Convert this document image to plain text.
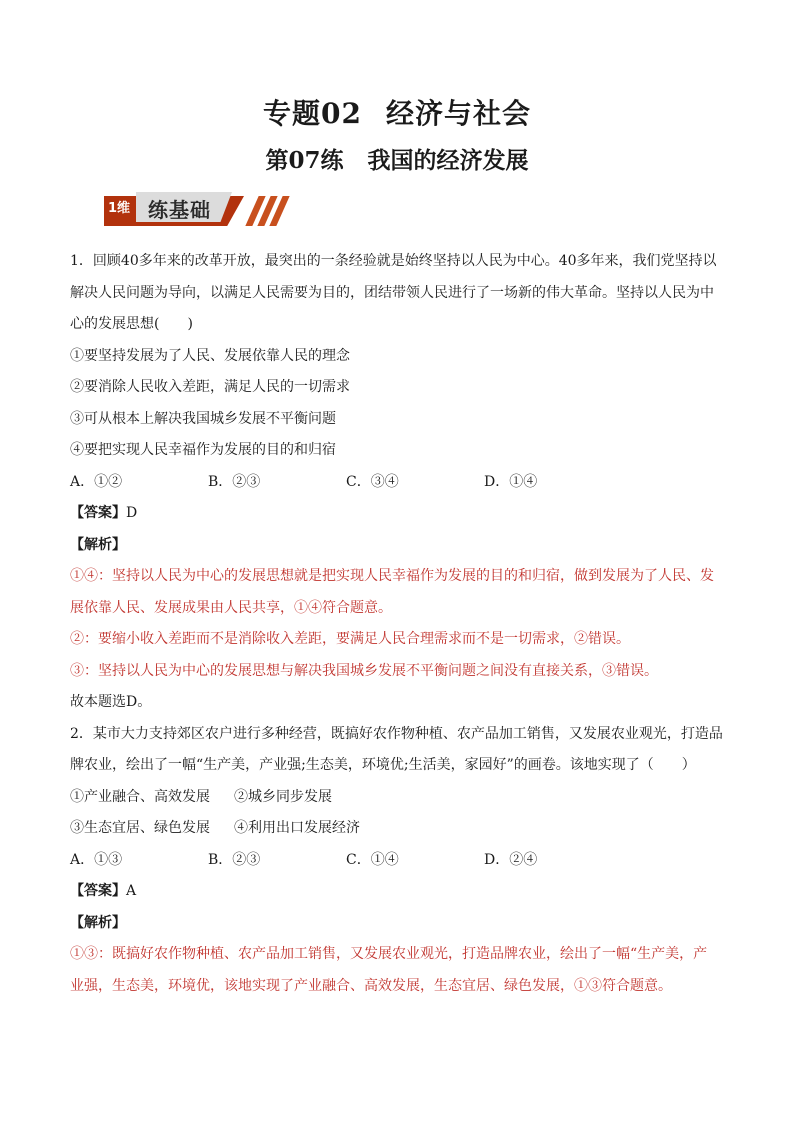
专题02 经济与社会
第07练 我国的经济发展
1维 练基础

1．回顾40多年来的改革开放，最突出的一条经验就是始终坚持以人民为中心。40多年来，我们党坚持以

解决人民问题为导向，以满足人民需要为目的，团结带领人民进行了一场新的伟大革命。坚持以人民为中

心的发展思想(　　)

①要坚持发展为了人民、发展依靠人民的理念

②要消除人民收入差距，满足人民的一切需求

③可从根本上解决我国城乡发展不平衡问题

④要把实现人民幸福作为发展的目的和归宿

A．①②	B．②③	C．③④	D．①④

【答案】D

【解析】

①④：坚持以人民为中心的发展思想就是把实现人民幸福作为发展的目的和归宿，做到发展为了人民、发

展依靠人民、发展成果由人民共享，①④符合题意。

②：要缩小收入差距而不是消除收入差距，要满足人民合理需求而不是一切需求，②错误。

③：坚持以人民为中心的发展思想与解决我国城乡发展不平衡问题之间没有直接关系，③错误。

故本题选D。

2．某市大力支持郊区农户进行多种经营，既搞好农作物种植、农产品加工销售，又发展农业观光，打造品

牌农业，绘出了一幅“生产美，产业强;生态美，环境优;生活美，家园好”的画卷。该地实现了（　　）

①产业融合、高效发展 ②城乡同步发展

③生态宜居、绿色发展 ④利用出口发展经济

A．①③	B．②③	C．①④	D．②④

【答案】A

【解析】

①③：既搞好农作物种植、农产品加工销售，又发展农业观光，打造品牌农业，绘出了一幅“生产美，产

业强，生态美，环境优，该地实现了产业融合、高效发展，生态宜居、绿色发展，①③符合题意。
